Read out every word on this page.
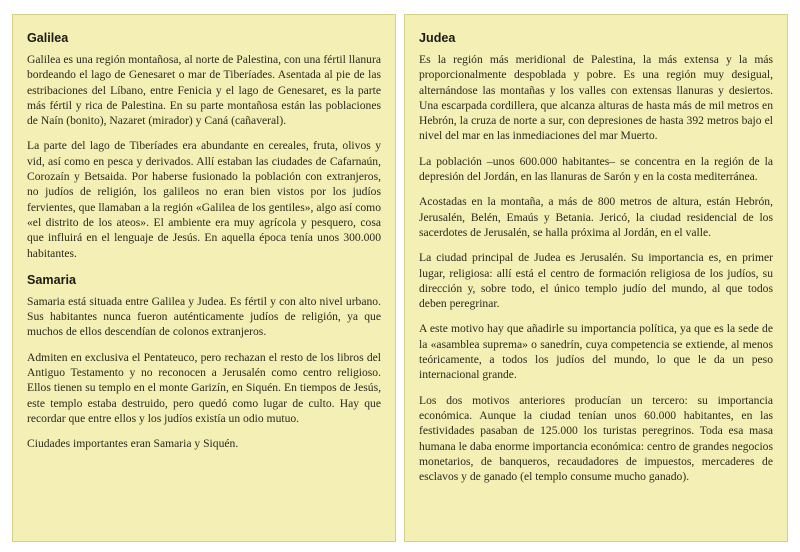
Galilea

Galilea es una región montañosa, al norte de Palestina, con una fértil llanura bordeando el lago de Genesaret o mar de Tiberíades. Asentada al pie de las estribaciones del Líbano, entre Fenicia y el lago de Genesaret, es la parte más fértil y rica de Palestina. En su parte montañosa están las poblaciones de Naín (bonito), Nazaret (mirador) y Caná (cañaveral).

La parte del lago de Tiberíades era abundante en cereales, fruta, olivos y vid, así como en pesca y derivados. Allí estaban las ciudades de Cafarnaún, Corozaín y Betsaida. Por haberse fusionado la población con extranjeros, no judíos de religión, los galileos no eran bien vistos por los judíos fervientes, que llamaban a la región «Galilea de los gentiles», algo así como «el distrito de los ateos». El ambiente era muy agrícola y pesquero, cosa que influirá en el lenguaje de Jesús. En aquella época tenía unos 300.000 habitantes.

Samaria

Samaria está situada entre Galilea y Judea. Es fértil y con alto nivel urbano. Sus habitantes nunca fueron auténticamente judíos de religión, ya que muchos de ellos descendían de colonos extranjeros.

Admiten en exclusiva el Pentateuco, pero rechazan el resto de los libros del Antiguo Testamento y no reconocen a Jerusalén como centro religioso. Ellos tienen su templo en el monte Garizín, en Siquén. En tiempos de Jesús, este templo estaba destruido, pero quedó como lugar de culto. Hay que recordar que entre ellos y los judíos existía un odio mutuo.

Ciudades importantes eran Samaria y Siquén.

Judea

Es la región más meridional de Palestina, la más extensa y la más proporcionalmente despoblada y pobre. Es una región muy desigual, alternándose las montañas y los valles con extensas llanuras y desiertos. Una escarpada cordillera, que alcanza alturas de hasta más de mil metros en Hebrón, la cruza de norte a sur, con depresiones de hasta 392 metros bajo el nivel del mar en las inmediaciones del mar Muerto.

La población –unos 600.000 habitantes– se concentra en la región de la depresión del Jordán, en las llanuras de Sarón y en la costa mediterránea.

Acostadas en la montaña, a más de 800 metros de altura, están Hebrón, Jerusalén, Belén, Emaús y Betania. Jericó, la ciudad residencial de los sacerdotes de Jerusalén, se halla próxima al Jordán, en el valle.

La ciudad principal de Judea es Jerusalén. Su importancia es, en primer lugar, religiosa: allí está el centro de formación religiosa de los judíos, su dirección y, sobre todo, el único templo judío del mundo, al que todos deben peregrinar.

A este motivo hay que añadirle su importancia política, ya que es la sede de la «asamblea suprema» o sanedrín, cuya competencia se extiende, al menos teóricamente, a todos los judíos del mundo, lo que le da un peso internacional grande.

Los dos motivos anteriores producían un tercero: su importancia económica. Aunque la ciudad tenían unos 60.000 habitantes, en las festividades pasaban de 125.000 los turistas peregrinos. Toda esa masa humana le daba enorme importancia económica: centro de grandes negocios monetarios, de banqueros, recaudadores de impuestos, mercaderes de esclavos y de ganado (el templo consume mucho ganado).
